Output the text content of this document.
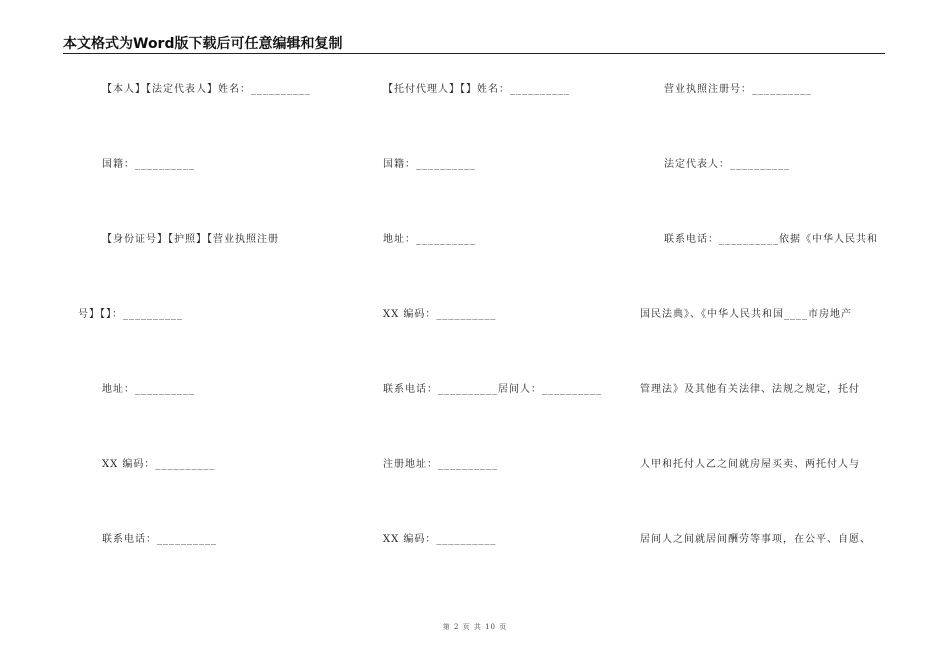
本文格式为Word版下载后可任意编辑和复制
【本人】【法定代表人】姓名：__________
国籍：__________
【身份证号】【护照】【营业执照注册
号】【】：__________
地址：__________
XX 编码：__________
联系电话：__________
【托付代理人】【】姓名：__________
国籍：__________
地址：__________
XX 编码：__________
联系电话：__________居间人：__________
注册地址：__________
XX 编码：__________
营业执照注册号：__________
法定代表人：__________
联系电话：__________依据《中华人民共和
国民法典》、《中华人民共和国____市房地产
管理法》及其他有关法律、法规之规定，托付
人甲和托付人乙之间就房屋买卖、两托付人与
居间人之间就居间酬劳等事项，在公平、自愿、
第 2 页 共 10 页
